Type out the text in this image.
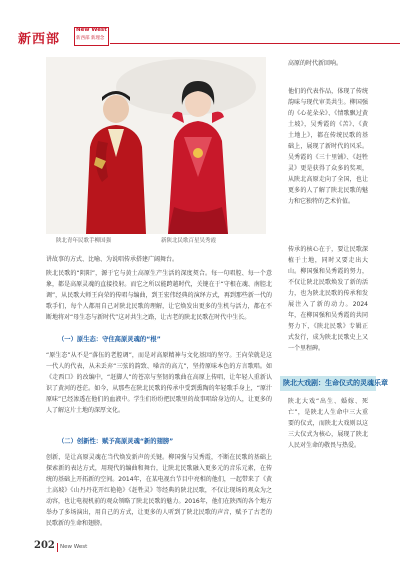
新西部
New West
新西部 新理念
陕北青年民歌手柳国强	新陕北民歌百星吴秀霞
讲故事的方式、比喻、为说唱传承搭建广阔舞台。
陕北民歌的“阴阳”，源于它与黄土高原生产生活的深度契合。每一句唱腔、每一个意象，都是高原灵魂的直接投射。而它之所以能跨越时代，关键在于“守根在魂、南腔北调”，从民歌大师王向荣的传唱与编曲，到王宏伟经典的演绎方式，再到那些新一代的歌手们，每个人都用自己对陕北民歌的理解，让它焕发出更多的生机与活力，都在不断地将对“母生态与新时代”这对共生之路，让古老的陕北民歌在时代中生长。
（一）原生态：守住高原灵魂的“根”
“原生态”从不是“落伍的老腔调”，而是对高原精神与文化基因的坚守。王向荣就是这一代人的代表，从未丢弃“三弦的韵致、嗓音的高亢”，坚持原味本色的方言歌唱。如《走西口》的改编中，“赶脚人”的苍凉与坚韧的歌曲在高原上传唱，让年轻人重新认识了黄河的苍茫。如今，从那些在陕北民歌的传承中受到熏陶的年轻歌手身上，“原汁原味”已经渗透在他们的血液中。学生们纷纷把民歌里的故事唱给身边的人，让更多的人了解这片土地的深厚文化。
（二）创新性：赋予高原灵魂“新的翅膀”
创新，是让高原灵魂在当代焕发新声的关键。柳国强与吴秀霞，不断在民歌的基础上探索新的表达方式，用现代的编曲和舞台，让陕北民歌融入更多元的音乐元素，在传统的基础上开拓新的空间。2014年，在某电视台节目中亮相的他们，一起带来了《黄土高坡》《山丹丹花开红艳艳》《赶牲灵》等经典的陕北民歌，不仅让现场的观众为之动容，也让电视机前的观众领略了陕北民歌的魅力。2016年，他们在陕西的各个地方举办了多场演出，用自己的方式，让更多的人听到了陕北民歌的声音，赋予了古老的民歌新的生命和翅膀。
高原的时代新回响。
他们的代表作品，体现了传统韵味与现代审美共生。柳国强的《心花朵朵》、《情歌飘过黄土坡》，吴秀霞的《苦》、《黄土地上》，都在传统民歌的基础上，展现了新时代的风采。吴秀霞的《三十里铺》、《赶牲灵》更是获得了众多的奖项，从陕北高原走向了全国，也让更多的人了解了陕北民歌的魅力和它独特的艺术价值。
传承的核心在于，要让民歌深植于土地，同时又要走出大山。柳国强和吴秀霞的努力，不仅让陕北民歌焕发了新的活力，也为陕北民歌的传承和发展注入了新的动力。2024年，在柳国强和吴秀霞的共同努力下，《陕北民歌》专辑正式发行，成为陕北民歌史上又一个里程碑。
陕北大戏剧：生命仪式的灵魂乐章
陕北大戏“出生、婚嫁、死亡”，是陕北人生命中三大重要的仪式，而陕北大戏则以这三大仪式为核心，展现了陕北人民对生命的敬畏与热爱。
202 New West
